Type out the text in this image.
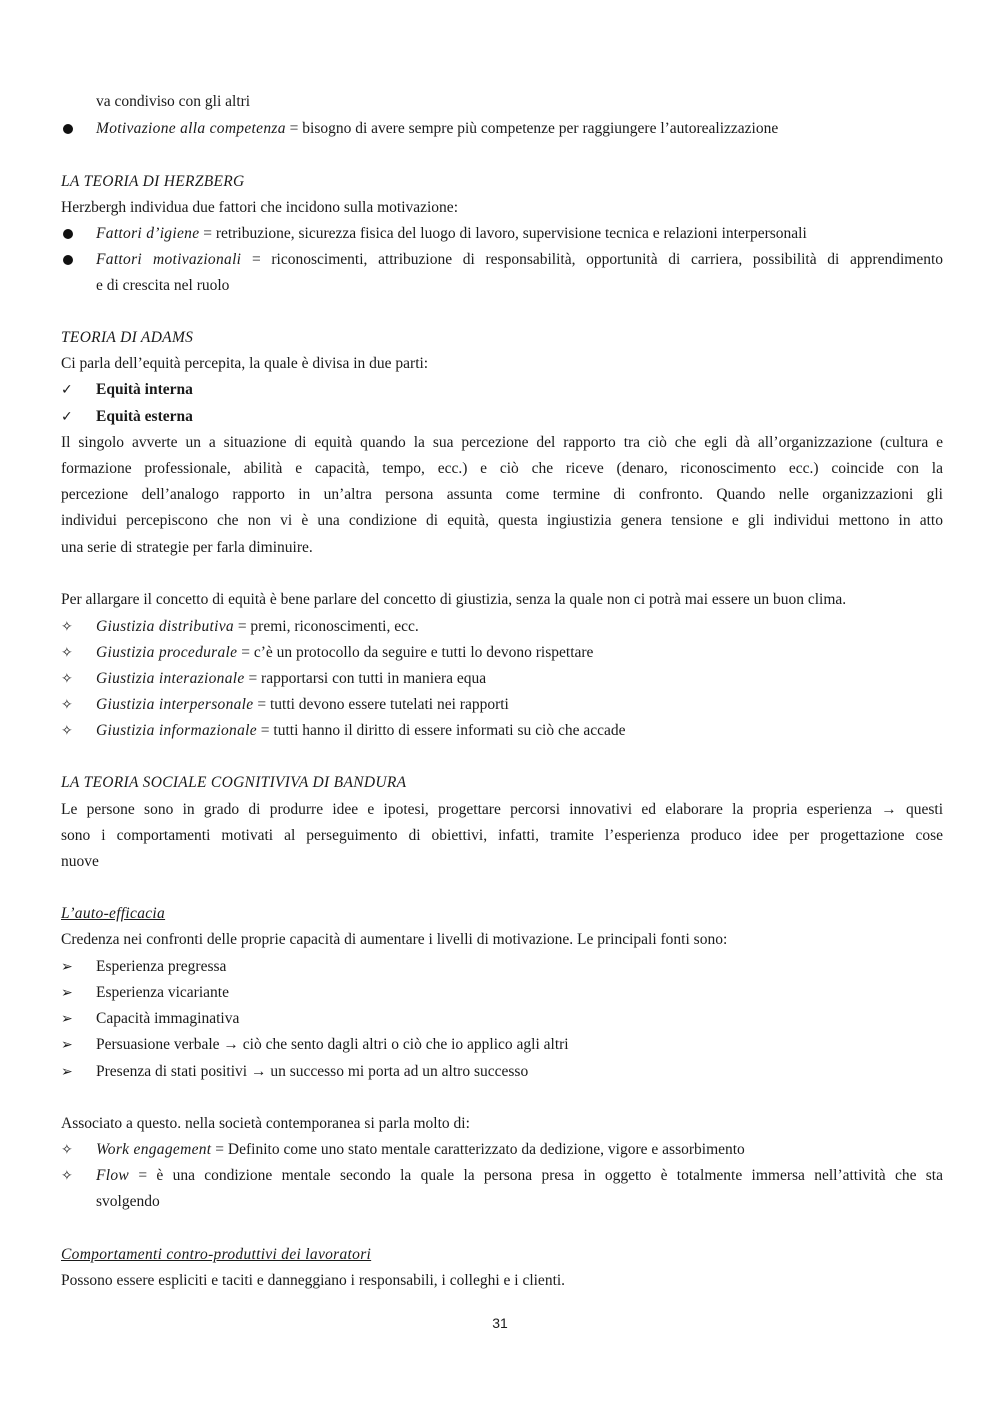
va condiviso con gli altri
Motivazione alla competenza = bisogno di avere sempre più competenze per raggiungere l’autorealizzazione
LA TEORIA DI HERZBERG
Herzbergh individua due fattori che incidono sulla motivazione:
Fattori d’igiene = retribuzione, sicurezza fisica del luogo di lavoro, supervisione tecnica e relazioni interpersonali
Fattori motivazionali = riconoscimenti, attribuzione di responsabilità, opportunità di carriera, possibilità di apprendimento
e di crescita nel ruolo
TEORIA DI ADAMS
Ci parla dell’equità percepita, la quale è divisa in due parti:
✓	Equità interna
✓	Equità esterna
Il singolo avverte un a situazione di equità quando la sua percezione del rapporto tra ciò che egli dà all’organizzazione (cultura e
formazione professionale, abilità e capacità, tempo, ecc.) e ciò che riceve (denaro, riconoscimento ecc.) coincide con la
percezione dell’analogo rapporto in un’altra persona assunta come termine di confronto. Quando nelle organizzazioni gli
individui percepiscono che non vi è una condizione di equità, questa ingiustizia genera tensione e gli individui mettono in atto
una serie di strategie per farla diminuire.
Per allargare il concetto di equità è bene parlare del concetto di giustizia, senza la quale non ci potrà mai essere un buon clima.
✧	Giustizia distributiva = premi, riconoscimenti, ecc.
✧	Giustizia procedurale = c’è un protocollo da seguire e tutti lo devono rispettare
✧	Giustizia interazionale = rapportarsi con tutti in maniera equa
✧	Giustizia interpersonale = tutti devono essere tutelati nei rapporti
✧	Giustizia informazionale = tutti hanno il diritto di essere informati su ciò che accade
LA TEORIA SOCIALE COGNITIVIVA DI BANDURA
Le persone sono in grado di produrre idee e ipotesi, progettare percorsi innovativi ed elaborare la propria esperienza → questi
sono i comportamenti motivati al perseguimento di obiettivi, infatti, tramite l’esperienza produco idee per progettazione cose
nuove
L’auto-efficacia
Credenza nei confronti delle proprie capacità di aumentare i livelli di motivazione. Le principali fonti sono:
➢	Esperienza pregressa
➢	Esperienza vicariante
➢	Capacità immaginativa
➢	Persuasione verbale → ciò che sento dagli altri o ciò che io applico agli altri
➢	Presenza di stati positivi → un successo mi porta ad un altro successo
Associato a questo. nella società contemporanea si parla molto di:
✧	Work engagement = Definito come uno stato mentale caratterizzato da dedizione, vigore e assorbimento
✧	Flow = è una condizione mentale secondo la quale la persona presa in oggetto è totalmente immersa nell’attività che sta
svolgendo
Comportamenti contro-produttivi dei lavoratori
Possono essere espliciti e taciti e danneggiano i responsabili, i colleghi e i clienti.
31
